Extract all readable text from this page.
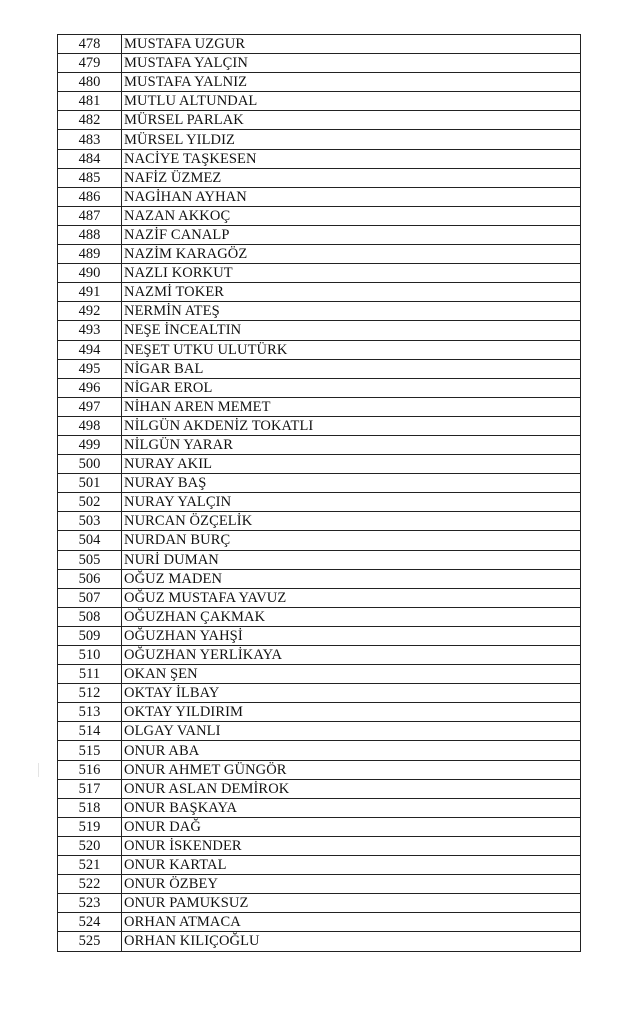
478	MUSTAFA UZGUR
479	MUSTAFA YALÇIN
480	MUSTAFA YALNIZ
481	MUTLU ALTUNDAL
482	MÜRSEL PARLAK
483	MÜRSEL YILDIZ
484	NACİYE TAŞKESEN
485	NAFİZ ÜZMEZ
486	NAGİHAN AYHAN
487	NAZAN AKKOÇ
488	NAZİF CANALP
489	NAZİM KARAGÖZ
490	NAZLI KORKUT
491	NAZMİ TOKER
492	NERMİN ATEŞ
493	NEŞE İNCEALTIN
494	NEŞET UTKU ULUTÜRK
495	NİGAR BAL
496	NİGAR EROL
497	NİHAN AREN MEMET
498	NİLGÜN AKDENİZ TOKATLI
499	NİLGÜN YARAR
500	NURAY AKIL
501	NURAY BAŞ
502	NURAY YALÇIN
503	NURCAN ÖZÇELİK
504	NURDAN BURÇ
505	NURİ DUMAN
506	OĞUZ MADEN
507	OĞUZ MUSTAFA YAVUZ
508	OĞUZHAN ÇAKMAK
509	OĞUZHAN YAHŞİ
510	OĞUZHAN YERLİKAYA
511	OKAN ŞEN
512	OKTAY İLBAY
513	OKTAY YILDIRIM
514	OLGAY VANLI
515	ONUR ABA
516	ONUR AHMET GÜNGÖR
517	ONUR ASLAN DEMİROK
518	ONUR BAŞKAYA
519	ONUR DAĞ
520	ONUR İSKENDER
521	ONUR KARTAL
522	ONUR ÖZBEY
523	ONUR PAMUKSUZ
524	ORHAN ATMACA
525	ORHAN KILIÇOĞLU
